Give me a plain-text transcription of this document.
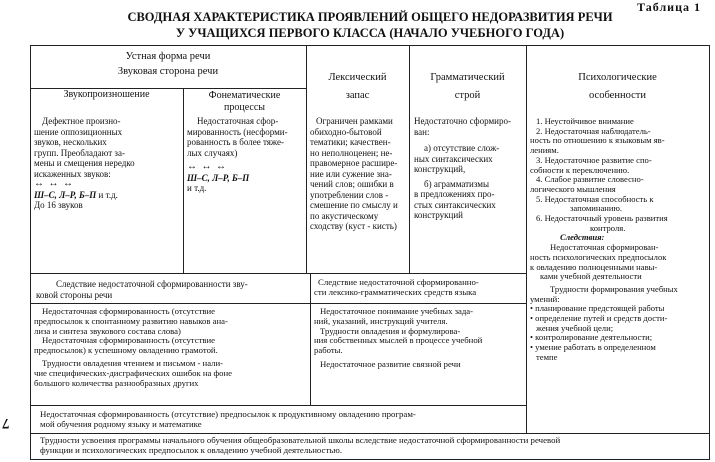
Таблица 1
СВОДНАЯ ХАРАКТЕРИСТИКА ПРОЯВЛЕНИЙ ОБЩЕГО НЕДОРАЗВИТИЯ РЕЧИ
У УЧАЩИХСЯ ПЕРВОГО КЛАССА (НАЧАЛО УЧЕБНОГО ГОДА)
7
Устная форма речи
Звуковая сторона речи
Звукопроизношение	Фонематические
процессы
Лексический
запас
Грамматический
строй
Психологические
особенности
Дефектное произно-
шение оппозиционных
звуков, нескольких
групп. Преобладают за-
мены и смещения нередко
искаженных звуков:
↔ ↔ ↔
Ш–С, Л–Р, Б–П и т.д.
До 16 звуков
Недостаточная сфор-
мированность (несформи-
рованность в более тяже-
лых случаях)
↔ ↔ ↔
Ш–С, Л–Р, Б–П
и т.д.
Ограничен рамками
обиходно-бытовой
тематики; качествен-
но неполноценен; не-
правомерное расшире-
ние или сужение зна-
чений слов; ошибки в
употреблении слов -
смешение по смыслу и
по акустическому
сходству (куст - кисть)
Недостаточно сформиро-
ван:
а) отсутствие слож-
ных синтаксических
конструкций,
б) аграмматизмы
в предложениях про-
стых синтаксических
конструкций
1. Неустойчивое внимание
2. Недостаточная наблюдатель-
ность по отношению к языковым яв-
лениям.
3. Недостаточное развитие спо-
собности к переключению.
4. Слабое развитие словесно-
логического мышления
5. Недостаточная способность к
запоминанию.
6. Недостаточный уровень развития
контроля.
Следствия:
Недостаточная сформирован-
ность психологических предпосылок
к овладению полноценными навы-
ками учебной деятельности
Трудности формирования учебных
умений:
• планирование предстоящей работы
• определение путей и средств дости-
жения учебной цели;
• контролирование деятельности;
• умение работать в определенном
темпе
Следствие недостаточной сформированности зву-
ковой стороны речи
Следствие недостаточной сформированно-
сти лексико-грамматических средств языка
Недостаточная сформированность (отсутствие
предпосылок к спонтанному развитию навыков ана-
лиза и синтеза звукового состава слова)
Недостаточная сформированность (отсутствие
предпосылок) к успешному овладению грамотой.
Трудности овладения чтением и письмом - нали-
чие специфических-дисграфических ошибок на фоне
большого количества разнообразных других
Недостаточное понимание учебных зада-
ний, указаний, инструкций учителя.
Трудности овладения и формулирова-
ния собственных мыслей в процессе учебной
работы.
Недостаточное развитие связной речи
Недостаточная сформированность (отсутствие) предпосылок к продуктивному овладению програм-
мой обучения родному языку и математике
Трудности усвоения программы начального обучения общеобразовательной школы вследствие недостаточной сформированности речевой
функции и психологических предпосылок к овладению учебной деятельностью.
